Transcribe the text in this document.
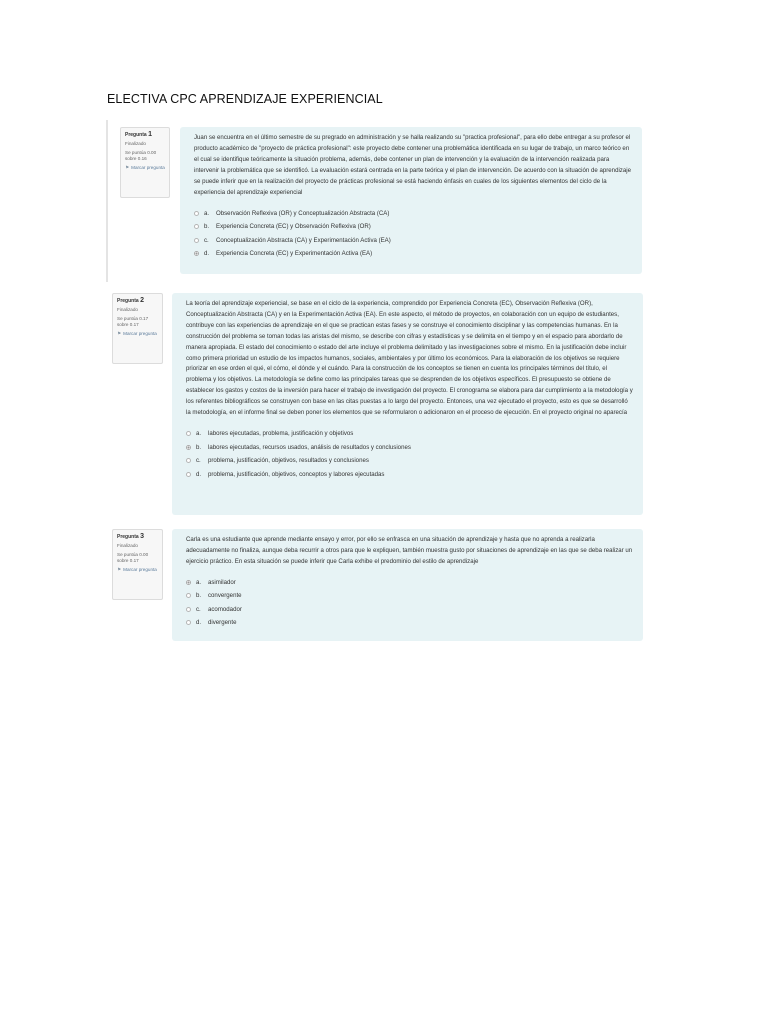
ELECTIVA CPC APRENDIZAJE EXPERIENCIAL
Pregunta 1
Finalizado
Se puntúa 0.00 sobre 0.16
⚑ Marcar pregunta

Juan se encuentra en el último semestre de su pregrado en administración y se halla realizando su "practica profesional", para ello debe entregar a su profesor el producto académico de "proyecto de práctica profesional": este proyecto debe contener una problemática identificada en su lugar de trabajo, un marco teórico en el cual se identifique teóricamente la situación problema, además, debe contener un plan de intervención y la evaluación de la intervención realizada para intervenir la problemática que se identificó. La evaluación estará centrada en la parte teórica y el plan de intervención. De acuerdo con la situación de aprendizaje se puede inferir que en la realización del proyecto de prácticas profesional se está haciendo énfasis en cuales de los siguientes elementos del ciclo de la experiencia del aprendizaje experiencial

a.	Observación Reflexiva (OR) y Conceptualización Abstracta (CA)
b.	Experiencia Concreta (EC) y Observación Reflexiva (OR)
c.	Conceptualización Abstracta (CA) y Experimentación Activa (EA)
d.	Experiencia Concreta (EC) y Experimentación Activa (EA)
Pregunta 2
Finalizado
Se puntúa 0.17 sobre 0.17
⚑ Marcar pregunta

La teoría del aprendizaje experiencial, se base en el ciclo de la experiencia, comprendido por Experiencia Concreta (EC), Observación Reflexiva (OR), Conceptualización Abstracta (CA) y en la Experimentación Activa (EA). En este aspecto, el método de proyectos, en colaboración con un equipo de estudiantes, contribuye con las experiencias de aprendizaje en el que se practican estas fases y se construye el conocimiento disciplinar y las competencias humanas. En la construcción del problema se toman todas las aristas del mismo, se describe con cifras y estadísticas y se delimita en el tiempo y en el espacio para abordarlo de manera apropiada. El estado del conocimiento o estado del arte incluye el problema delimitado y las investigaciones sobre el mismo. En la justificación debe incluir como primera prioridad un estudio de los impactos humanos, sociales, ambientales y por último los económicos. Para la elaboración de los objetivos se requiere priorizar en ese orden el qué, el cómo, el dónde y el cuándo. Para la construcción de los conceptos se tienen en cuenta los principales términos del título, el problema y los objetivos. La metodología se define como las principales tareas que se desprenden de los objetivos específicos. El presupuesto se obtiene de establecer los gastos y costos de la inversión para hacer el trabajo de investigación del proyecto. El cronograma se elabora para dar cumplimiento a la metodología y los referentes bibliográficos se construyen con base en las citas puestas a lo largo del proyecto. Entonces, una vez ejecutado el proyecto, esto es que se desarrolló la metodología, en el informe final se deben poner los elementos que se reformularon o adicionaron en el proceso de ejecución. En el proyecto original no aparecía

a.	labores ejecutadas, problema, justificación y objetivos
b.	labores ejecutadas, recursos usados, análisis de resultados y conclusiones
c.	problema, justificación, objetivos, resultados y conclusiones
d.	problema, justificación, objetivos, conceptos y labores ejecutadas
Pregunta 3
Finalizado
Se puntúa 0.00 sobre 0.17
⚑ Marcar pregunta

Carla es una estudiante que aprende mediante ensayo y error, por ello se enfrasca en una situación de aprendizaje y hasta que no aprenda a realizarla adecuadamente no finaliza, aunque deba recurrir a otros para que le expliquen, también muestra gusto por situaciones de aprendizaje en las que se deba realizar un ejercicio práctico. En esta situación se puede inferir que Carla exhibe el predominio del estilo de aprendizaje

a.	asimilador
b.	convergente
c.	acomodador
d.	divergente
